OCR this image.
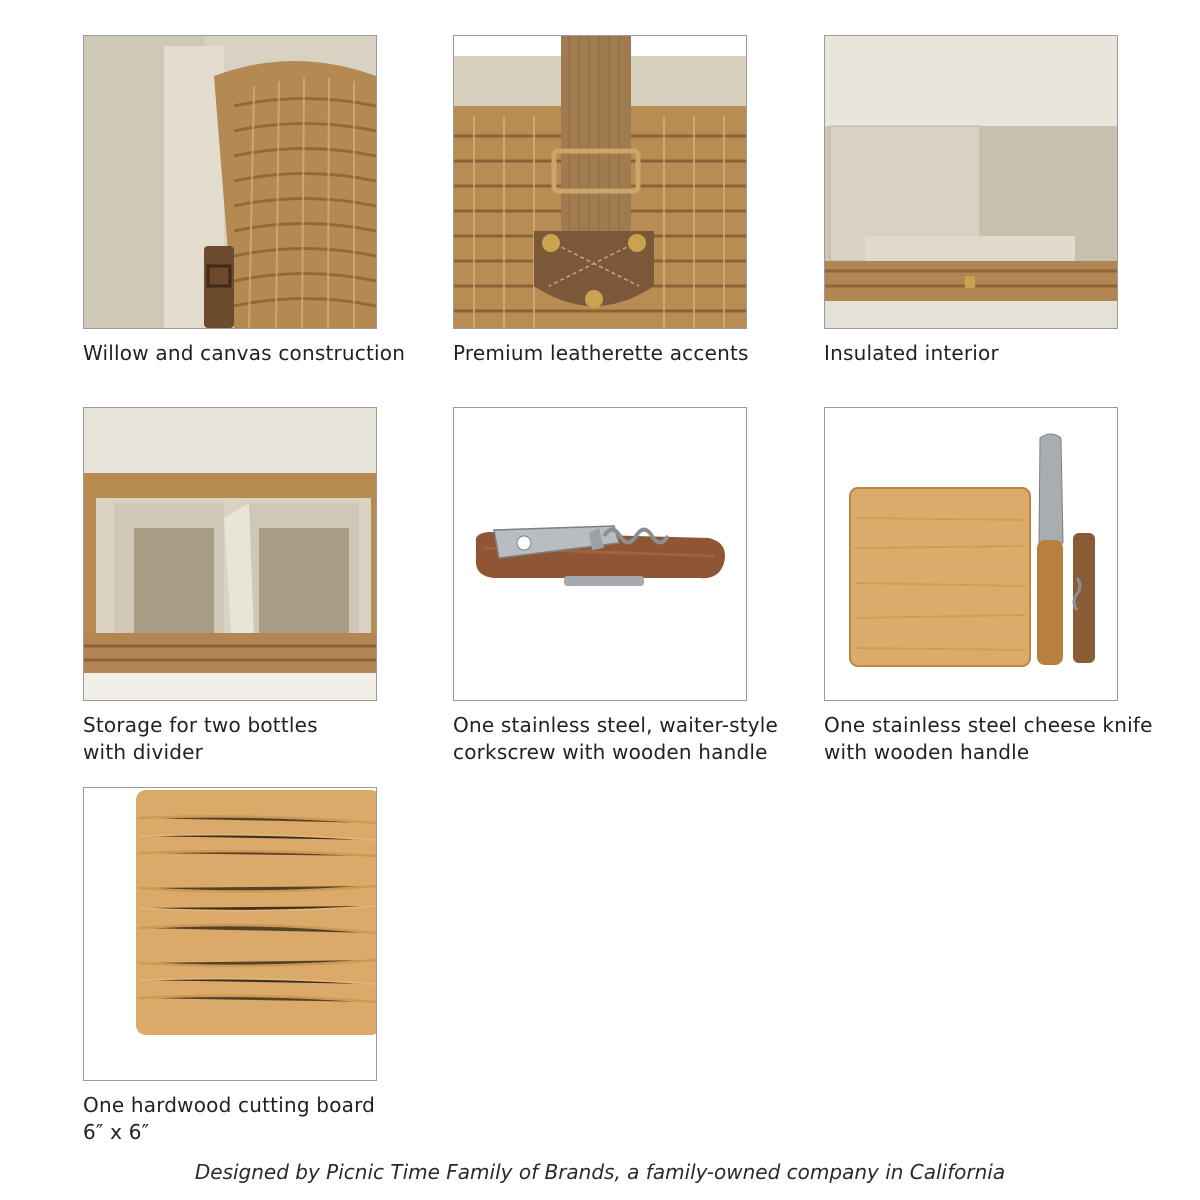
Willow and canvas construction	Premium leatherette accents	Insulated interior
Storage for two bottles
with divider
One stainless steel, waiter-style
corkscrew with wooden handle
One stainless steel cheese knife
with wooden handle
One hardwood cutting board
6″ x 6″
Designed by Picnic Time Family of Brands, a family-owned company in California
